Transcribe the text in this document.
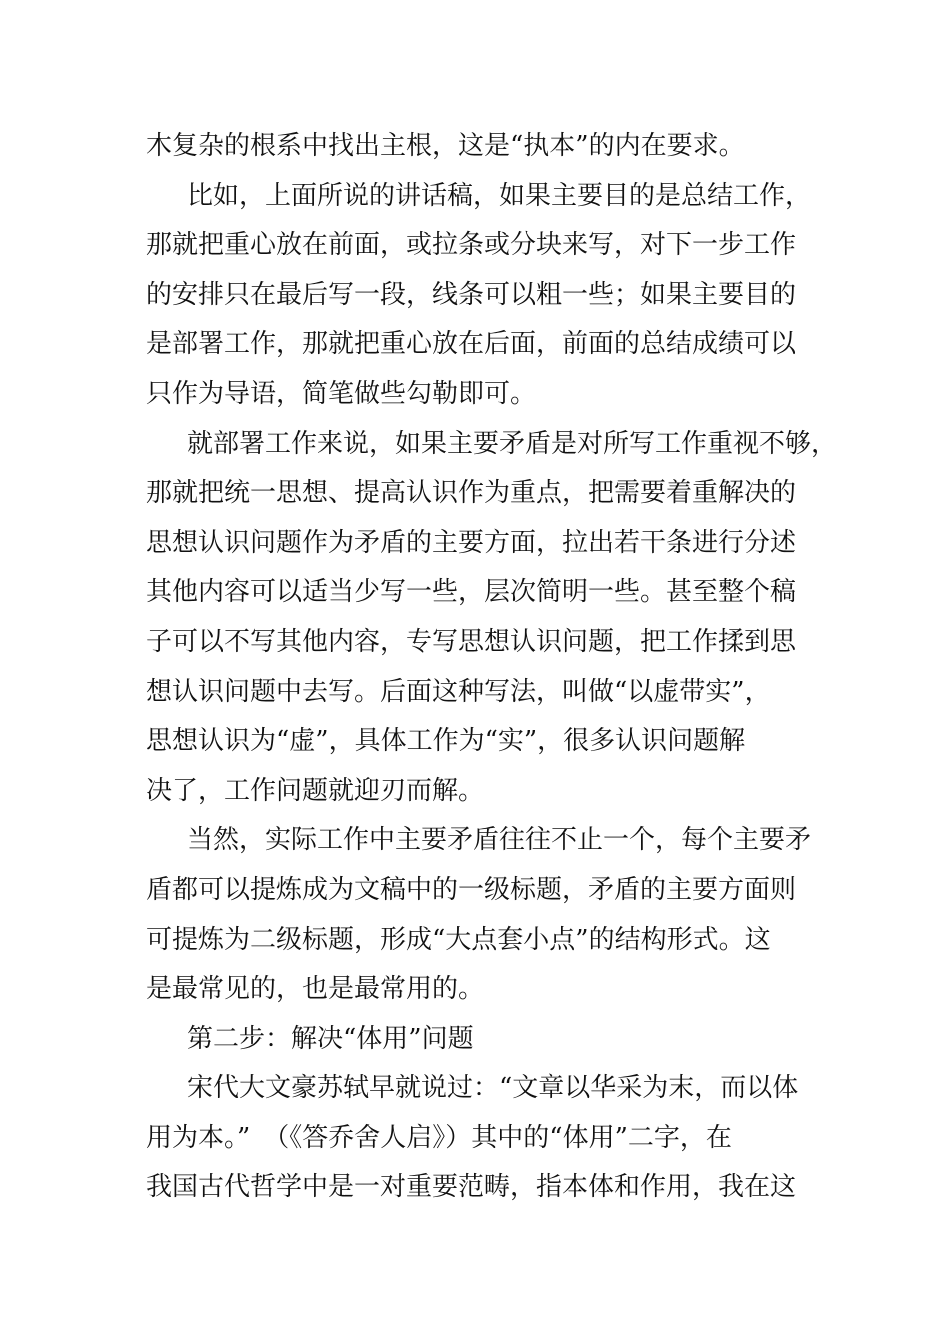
木复杂的根系中找出主根，这是“执本”的内在要求。
比如，上面所说的讲话稿，如果主要目的是总结工作，
那就把重心放在前面，或拉条或分块来写，对下一步工作
的安排只在最后写一段，线条可以粗一些；如果主要目的
是部署工作，那就把重心放在后面，前面的总结成绩可以
只作为导语，简笔做些勾勒即可。
就部署工作来说，如果主要矛盾是对所写工作重视不够，
那就把统一思想、提高认识作为重点，把需要着重解决的
思想认识问题作为矛盾的主要方面，拉出若干条进行分述
其他内容可以适当少写一些，层次简明一些。甚至整个稿
子可以不写其他内容，专写思想认识问题，把工作揉到思
想认识问题中去写。后面这种写法，叫做“以虚带实”，
思想认识为“虚”，具体工作为“实”，很多认识问题解
决了，工作问题就迎刃而解。
当然，实际工作中主要矛盾往往不止一个，每个主要矛
盾都可以提炼成为文稿中的一级标题，矛盾的主要方面则
可提炼为二级标题，形成“大点套小点”的结构形式。这
是最常见的，也是最常用的。
第二步：解决“体用”问题
宋代大文豪苏轼早就说过：“文章以华采为末，而以体
用为本。”　（《答乔舍人启》）其中的“体用”二字，在
我国古代哲学中是一对重要范畴，指本体和作用，我在这
